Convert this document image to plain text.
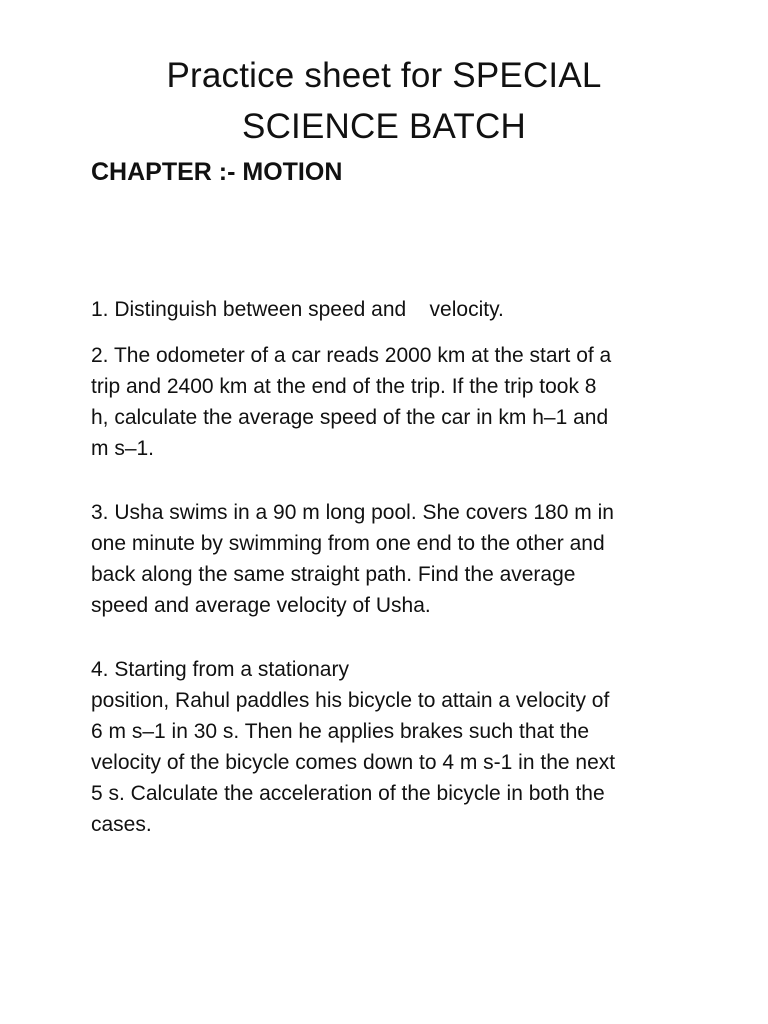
Practice sheet for SPECIAL
SCIENCE BATCH
CHAPTER :- MOTION
1. Distinguish between speed and    velocity.
2. The odometer of a car reads 2000 km at the start of a
trip and 2400 km at the end of the trip. If the trip took 8
h, calculate the average speed of the car in km h–1 and
m s–1.
3. Usha swims in a 90 m long pool. She covers 180 m in
one minute by swimming from one end to the other and
back along the same straight path. Find the average
speed and average velocity of Usha.
4. Starting from a stationary
position, Rahul paddles his bicycle to attain a velocity of
6 m s–1 in 30 s. Then he applies brakes such that the
velocity of the bicycle comes down to 4 m s-1 in the next
5 s. Calculate the acceleration of the bicycle in both the
cases.
